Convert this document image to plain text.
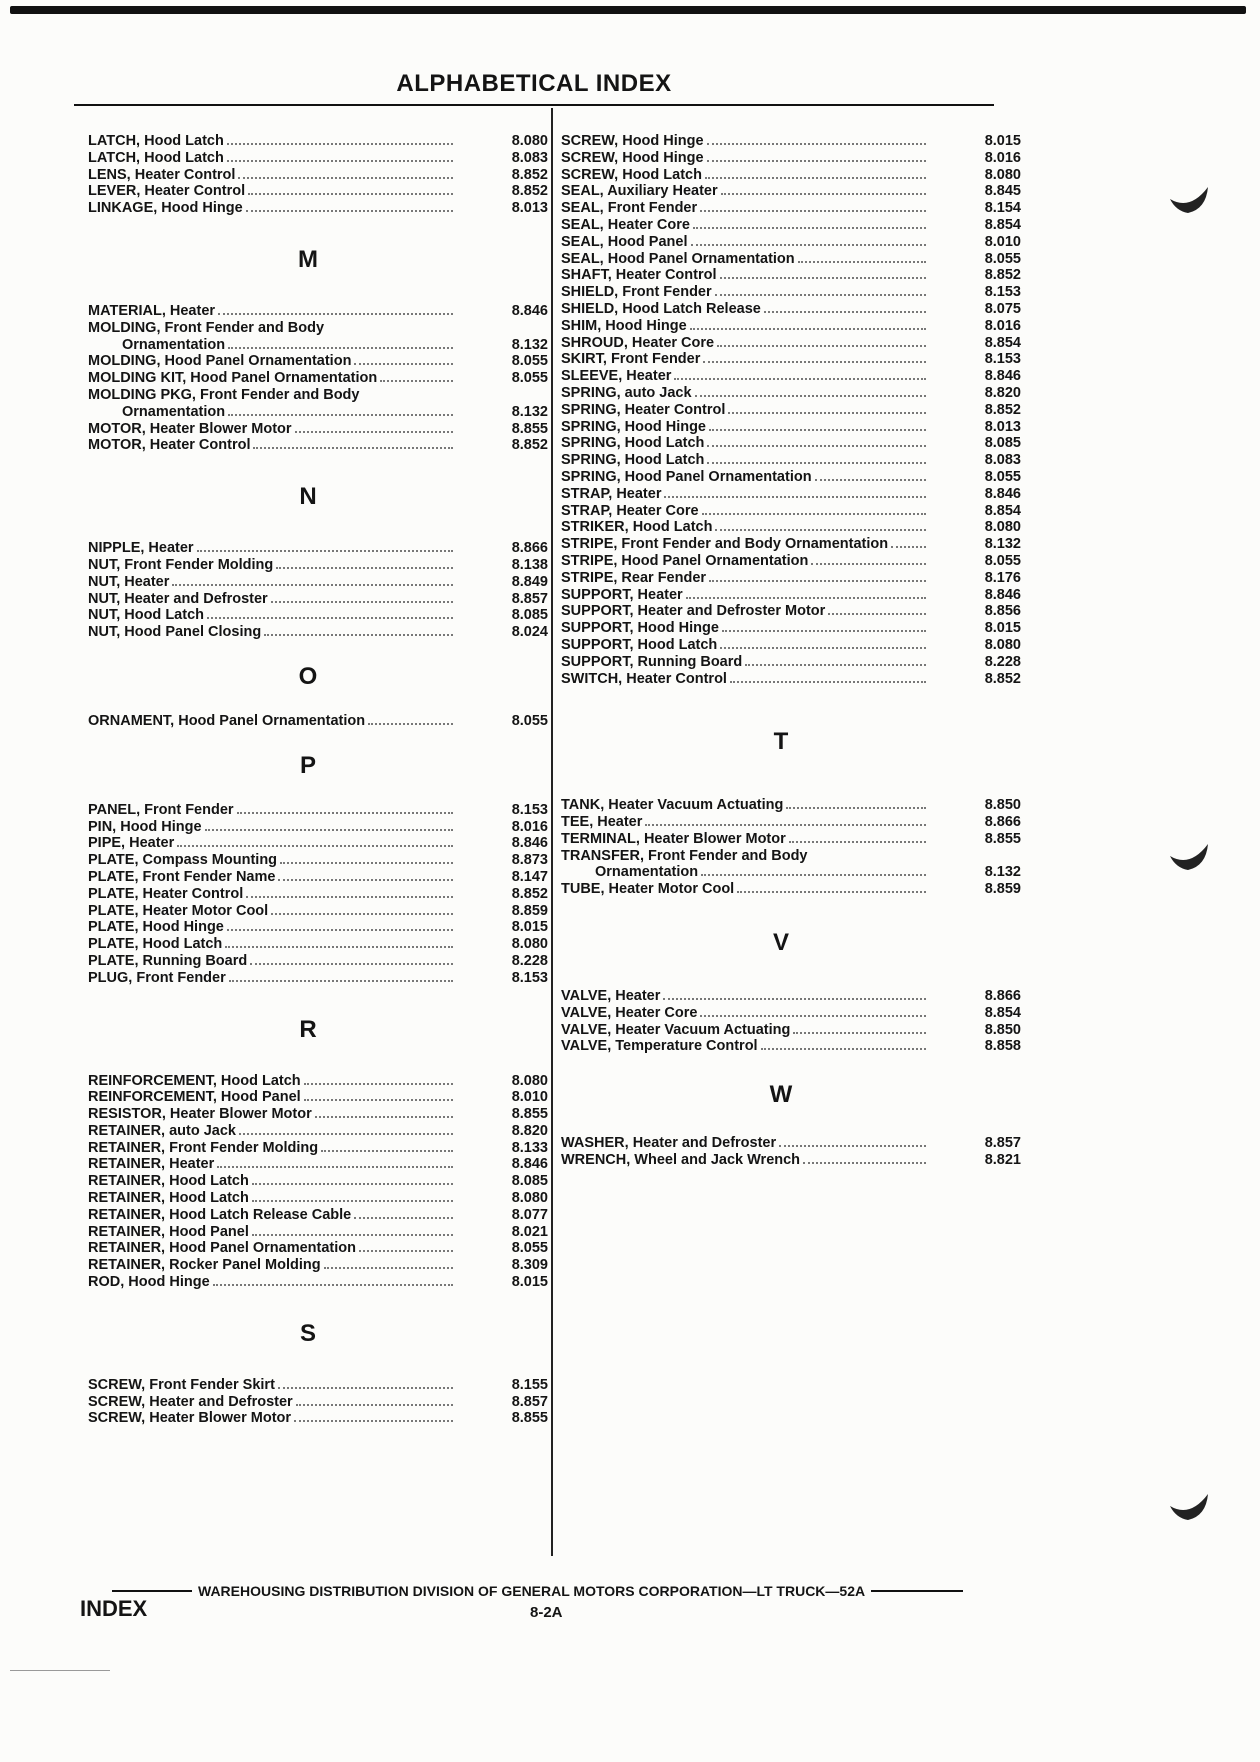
ALPHABETICAL INDEX
LATCH, Hood Latch	8.080
LATCH, Hood Latch	8.083
LENS, Heater Control	8.852
LEVER, Heater Control	8.852
LINKAGE, Hood Hinge	8.013
M
MATERIAL, Heater	8.846
MOLDING, Front Fender and Body
Ornamentation	8.132
MOLDING, Hood Panel Ornamentation	8.055
MOLDING KIT, Hood Panel Ornamentation	8.055
MOLDING PKG, Front Fender and Body
Ornamentation	8.132
MOTOR, Heater Blower Motor	8.855
MOTOR, Heater Control	8.852
N
NIPPLE, Heater	8.866
NUT, Front Fender Molding	8.138
NUT, Heater	8.849
NUT, Heater and Defroster	8.857
NUT, Hood Latch	8.085
NUT, Hood Panel Closing	8.024
O
ORNAMENT, Hood Panel Ornamentation	8.055
P
PANEL, Front Fender	8.153
PIN, Hood Hinge	8.016
PIPE, Heater	8.846
PLATE, Compass Mounting	8.873
PLATE, Front Fender Name	8.147
PLATE, Heater Control	8.852
PLATE, Heater Motor Cool	8.859
PLATE, Hood Hinge	8.015
PLATE, Hood Latch	8.080
PLATE, Running Board	8.228
PLUG, Front Fender	8.153
R
REINFORCEMENT, Hood Latch	8.080
REINFORCEMENT, Hood Panel	8.010
RESISTOR, Heater Blower Motor	8.855
RETAINER, auto Jack	8.820
RETAINER, Front Fender Molding	8.133
RETAINER, Heater	8.846
RETAINER, Hood Latch	8.085
RETAINER, Hood Latch	8.080
RETAINER, Hood Latch Release Cable	8.077
RETAINER, Hood Panel	8.021
RETAINER, Hood Panel Ornamentation	8.055
RETAINER, Rocker Panel Molding	8.309
ROD, Hood Hinge	8.015
S
SCREW, Front Fender Skirt	8.155
SCREW, Heater and Defroster	8.857
SCREW, Heater Blower Motor	8.855
SCREW, Hood Hinge	8.015
SCREW, Hood Hinge	8.016
SCREW, Hood Latch	8.080
SEAL, Auxiliary Heater	8.845
SEAL, Front Fender	8.154
SEAL, Heater Core	8.854
SEAL, Hood Panel	8.010
SEAL, Hood Panel Ornamentation	8.055
SHAFT, Heater Control	8.852
SHIELD, Front Fender	8.153
SHIELD, Hood Latch Release	8.075
SHIM, Hood Hinge	8.016
SHROUD, Heater Core	8.854
SKIRT, Front Fender	8.153
SLEEVE, Heater	8.846
SPRING, auto Jack	8.820
SPRING, Heater Control	8.852
SPRING, Hood Hinge	8.013
SPRING, Hood Latch	8.085
SPRING, Hood Latch	8.083
SPRING, Hood Panel Ornamentation	8.055
STRAP, Heater	8.846
STRAP, Heater Core	8.854
STRIKER, Hood Latch	8.080
STRIPE, Front Fender and Body Ornamentation	8.132
STRIPE, Hood Panel Ornamentation	8.055
STRIPE, Rear Fender	8.176
SUPPORT, Heater	8.846
SUPPORT, Heater and Defroster Motor	8.856
SUPPORT, Hood Hinge	8.015
SUPPORT, Hood Latch	8.080
SUPPORT, Running Board	8.228
SWITCH, Heater Control	8.852
T
TANK, Heater Vacuum Actuating	8.850
TEE, Heater	8.866
TERMINAL, Heater Blower Motor	8.855
TRANSFER, Front Fender and Body
Ornamentation	8.132
TUBE, Heater Motor Cool	8.859
V
VALVE, Heater	8.866
VALVE, Heater Core	8.854
VALVE, Heater Vacuum Actuating	8.850
VALVE, Temperature Control	8.858
W
WASHER, Heater and Defroster	8.857
WRENCH, Wheel and Jack Wrench	8.821
WAREHOUSING DISTRIBUTION DIVISION OF GENERAL MOTORS CORPORATION—LT TRUCK—52A
INDEX	8-2A
